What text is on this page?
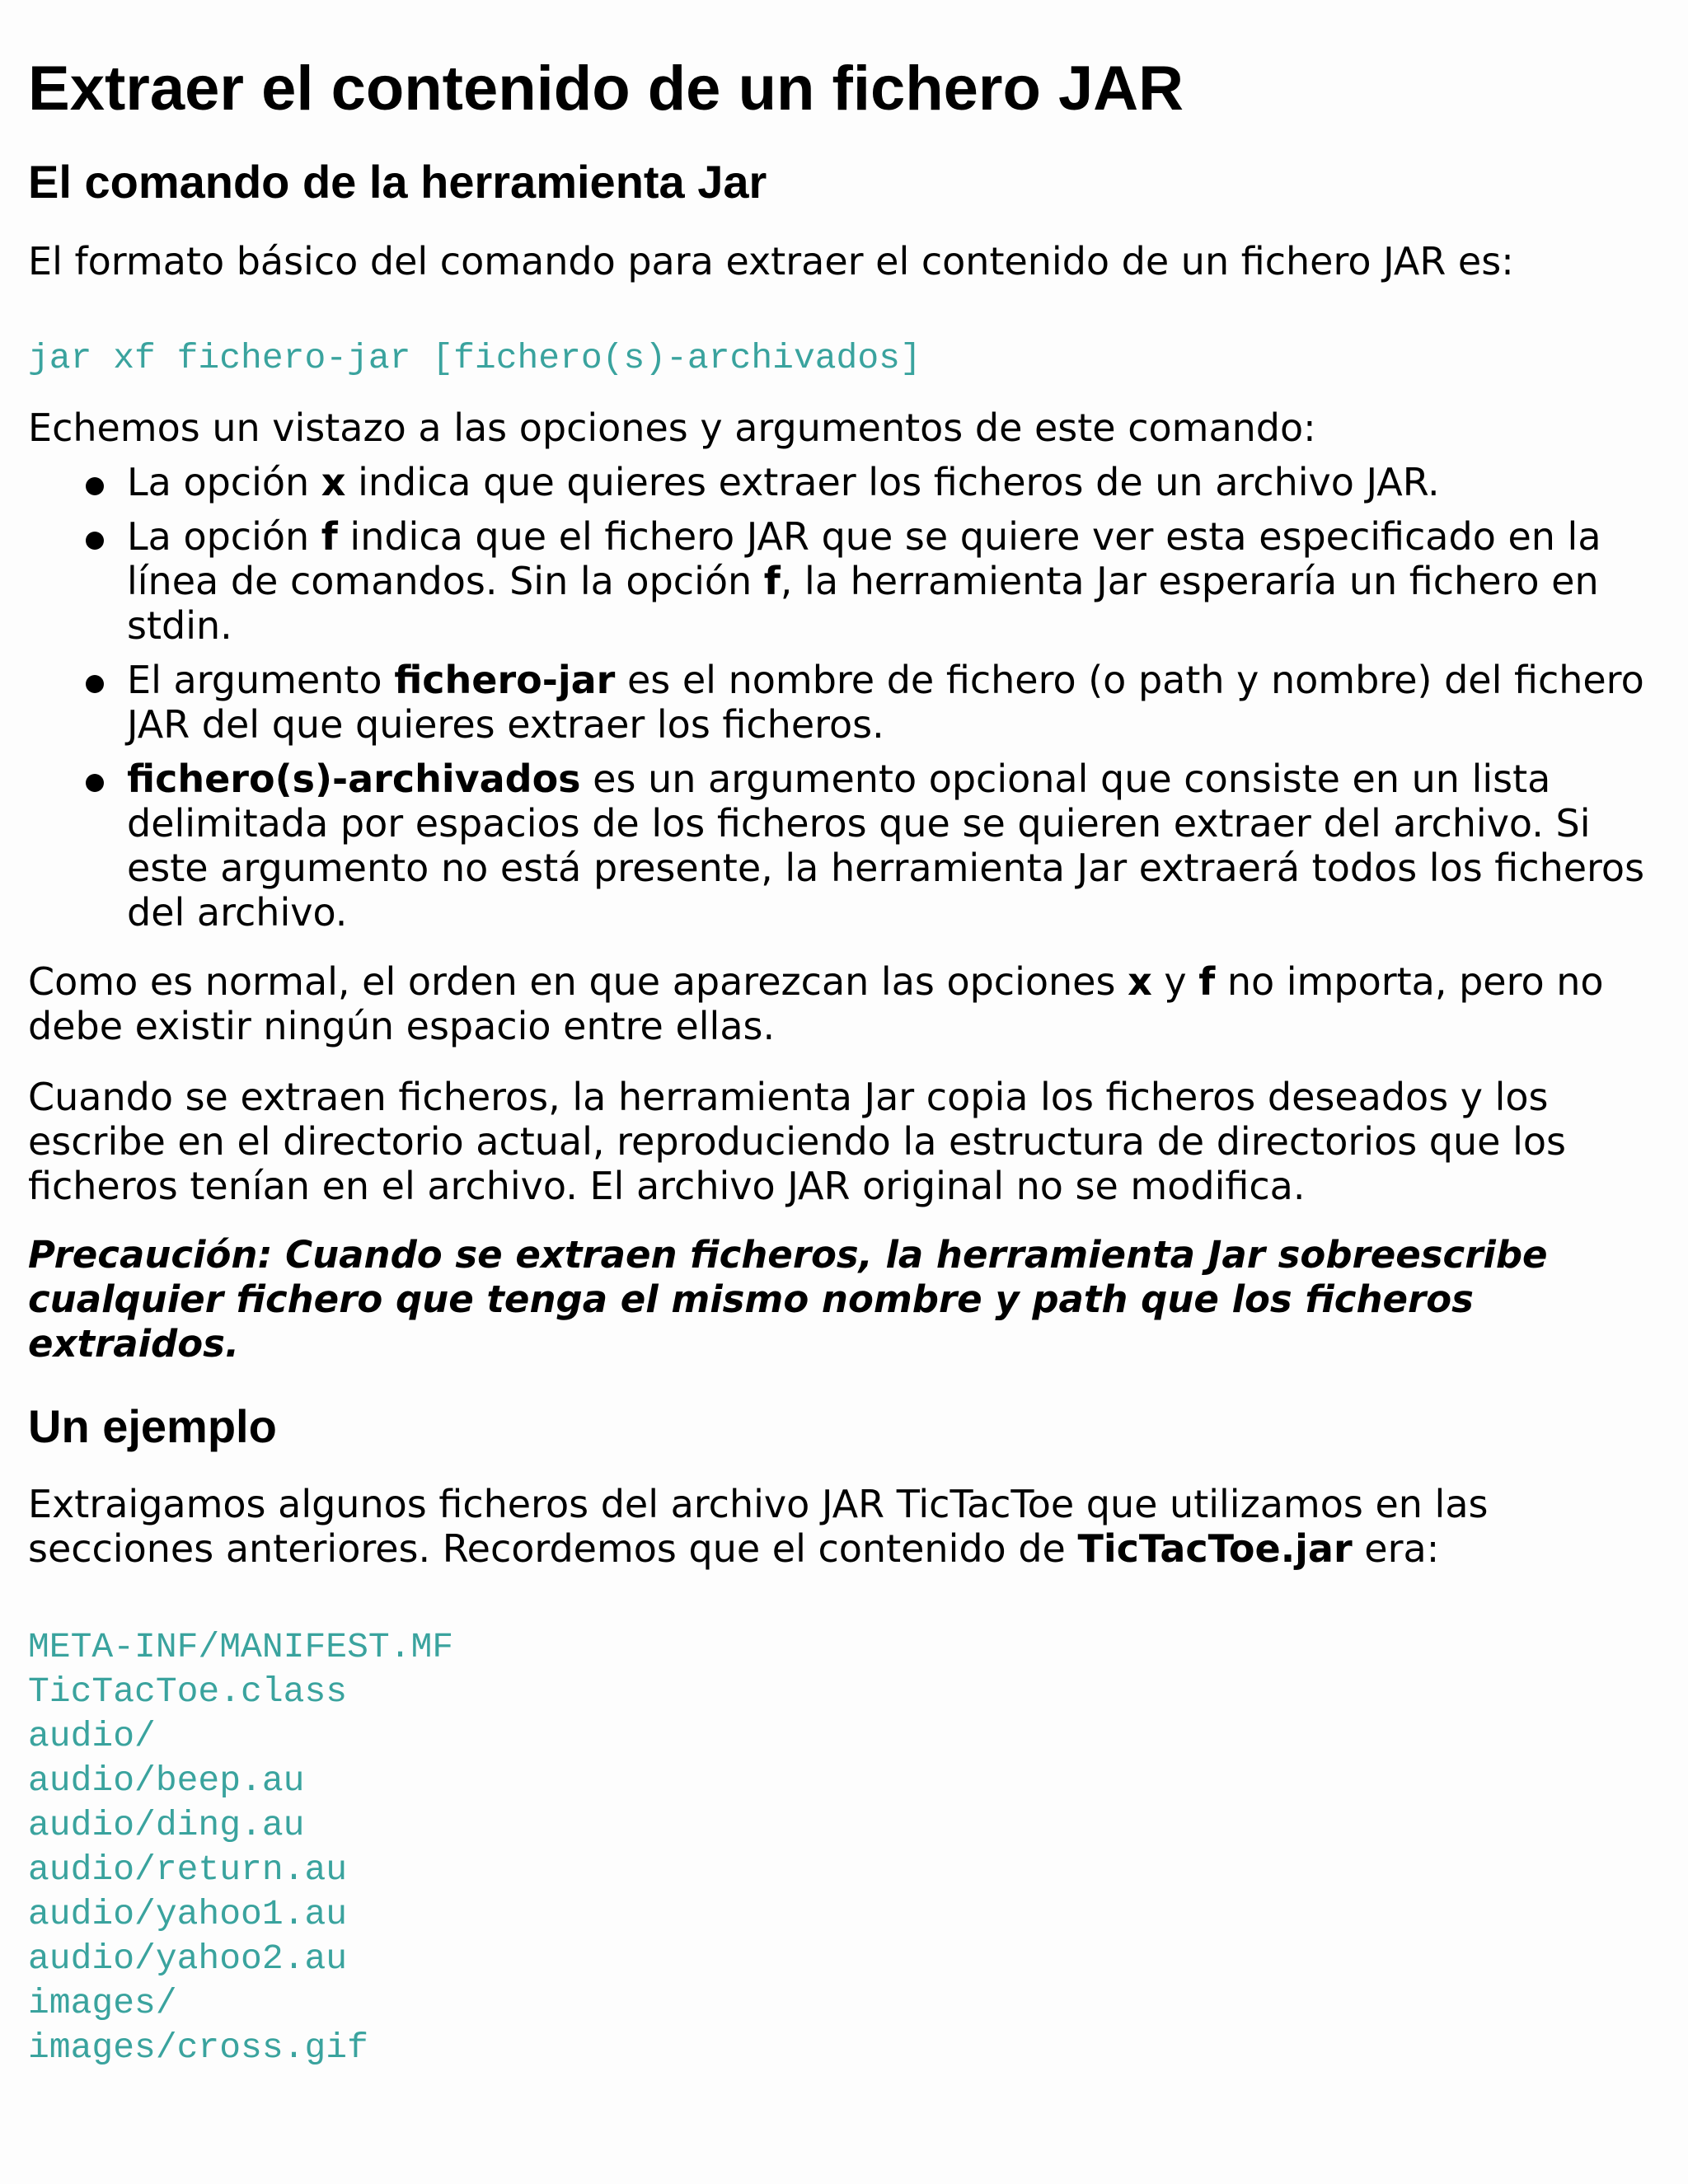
Extraer el contenido de un fichero JAR
El comando de la herramienta Jar

El formato básico del comando para extraer el contenido de un fichero JAR es:

jar xf fichero-jar [fichero(s)-archivados]

Echemos un vistazo a las opciones y argumentos de este comando:

La opción x indica que quieres extraer los ficheros de un archivo JAR.
La opción f indica que el fichero JAR que se quiere ver esta especificado en la línea de comandos. Sin la opción f, la herramienta Jar esperaría un fichero en stdin.
El argumento fichero-jar es el nombre de fichero (o path y nombre) del fichero JAR del que quieres extraer los ficheros.
fichero(s)-archivados es un argumento opcional que consiste en un lista delimitada por espacios de los ficheros que se quieren extraer del archivo. Si este argumento no está presente, la herramienta Jar extraerá todos los ficheros del archivo.

Como es normal, el orden en que aparezcan las opciones x y f no importa, pero no debe existir ningún espacio entre ellas.

Cuando se extraen ficheros, la herramienta Jar copia los ficheros deseados y los escribe en el directorio actual, reproduciendo la estructura de directorios que los ficheros tenían en el archivo. El archivo JAR original no se modifica.

Precaución: Cuando se extraen ficheros, la herramienta Jar sobreescribe cualquier fichero que tenga el mismo nombre y path que los ficheros extraidos.

Un ejemplo

Extraigamos algunos ficheros del archivo JAR TicTacToe que utilizamos en las secciones anteriores. Recordemos que el contenido de TicTacToe.jar era:

META-INF/MANIFEST.MF
TicTacToe.class
audio/
audio/beep.au
audio/ding.au
audio/return.au
audio/yahoo1.au
audio/yahoo2.au
images/
images/cross.gif
